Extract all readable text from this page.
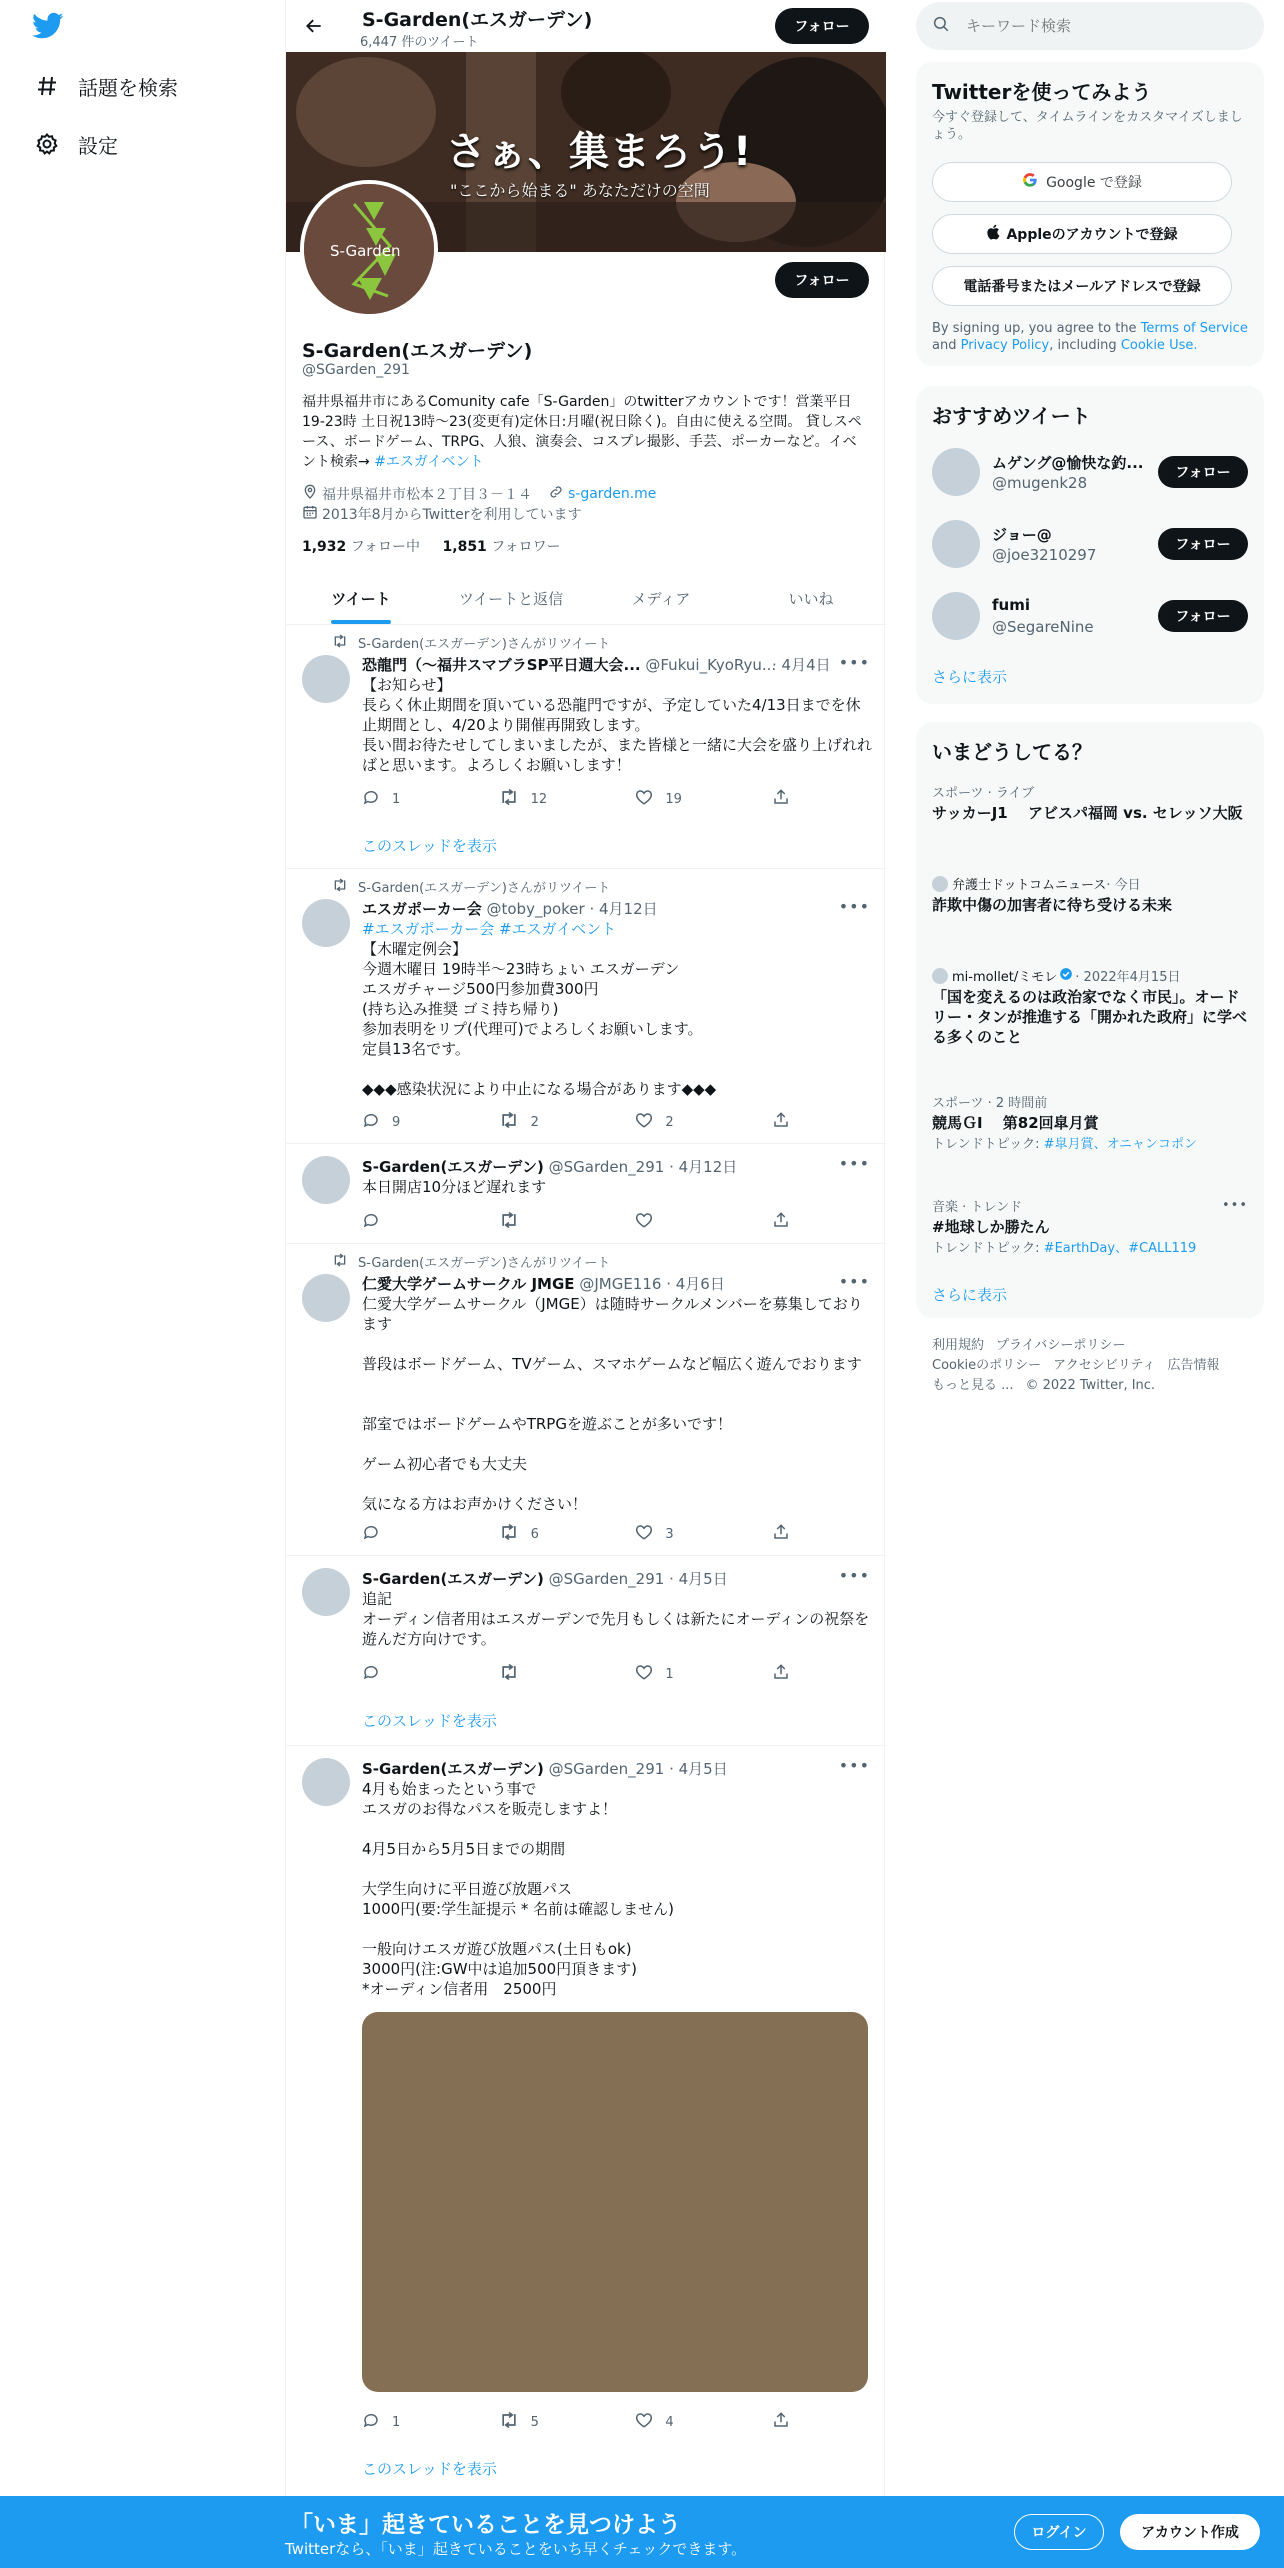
話題を検索
設定
S-Garden(エスガーデン)
6,447 件のツイート
フォロー
さぁ、集まろう!
"ここから始まる" あなただけの空間
S-Garden
フォロー
S-Garden(エスガーデン)
@SGarden_291
福井県福井市にあるComunity cafe「S-Garden」のtwitterアカウントです！営業平日19-23時 土日祝13時〜23(変更有)定休日:月曜(祝日除く)。自由に使える空間。 貸しスペース、ボードゲーム、TRPG、人狼、演奏会、コスプレ撮影、手芸、ポーカーなど。イベント検索→ #エスガイベント
福井県福井市松本２丁目３－１４	s-garden.me
2013年8月からTwitterを利用しています
1,932 フォロー中 1,851 フォロワー
ツイート	ツイートと返信	メディア	いいね
S-Garden(エスガーデン)さんがリツイート
恐龍門（～福井スマブラSP平日週大会... @Fukui_KyoRyu...
· 4月4日 •••
【お知らせ】
長らく休止期間を頂いている恐龍門ですが、予定していた4/13日までを休止期間とし、4/20より開催再開致します。
長い間お待たせしてしまいましたが、また皆様と一緒に大会を盛り上げれればと思います。よろしくお願いします！
1	12	19
このスレッドを表示
S-Garden(エスガーデン)さんがリツイート
エスガポーカー会 @toby_poker · 4月12日	•••
#エスガポーカー会 #エスガイベント
【木曜定例会】
今週木曜日 19時半〜23時ちょい エスガーデン
エスガチャージ500円参加費300円
(持ち込み推奨 ゴミ持ち帰り)
参加表明をリプ(代理可)でよろしくお願いします。
定員13名です。

◆◆◆感染状況により中止になる場合があります◆◆◆
9	2	2
S-Garden(エスガーデン) @SGarden_291 · 4月12日	•••
本日開店10分ほど遅れます
S-Garden(エスガーデン)さんがリツイート
仁愛大学ゲームサークル JMGE @JMGE116 · 4月6日	•••
仁愛大学ゲームサークル（JMGE）は随時サークルメンバーを募集しております

普段はボードゲーム、TVゲーム、スマホゲームなど幅広く遊んでおります

部室ではボードゲームやTRPGを遊ぶことが多いです！

ゲーム初心者でも大丈夫

気になる方はお声かけください！
6	3
S-Garden(エスガーデン) @SGarden_291 · 4月5日	•••
追記
オーディン信者用はエスガーデンで先月もしくは新たにオーディンの祝祭を遊んだ方向けです。
1
このスレッドを表示
S-Garden(エスガーデン) @SGarden_291 · 4月5日	•••
4月も始まったという事で
エスガのお得なパスを販売しますよ！

4月5日から5月5日までの期間

大学生向けに平日遊び放題パス
1000円(要:学生証提示 * 名前は確認しません)

一般向けエスガ遊び放題パス(土日もok)
3000円(注:GW中は追加500円頂きます)
*オーディン信者用　2500円
1	5	4
このスレッドを表示
キーワード検索
Twitterを使ってみよう
今すぐ登録して、タイムラインをカスタマイズしましょう。
Google で登録
Appleのアカウントで登録
電話番号またはメールアドレスで登録
By signing up, you agree to the Terms of Service and Privacy Policy, including Cookie Use.
おすすめツイート
ムゲング@愉快な釣...
@mugenk28
フォロー
ジョー@
@joe3210297
フォロー
fumi
@SegareNine
フォロー
さらに表示
いまどうしてる？
スポーツ · ライブ
サッカーJ1　 アビスパ福岡 vs. セレッソ大阪
弁護士ドットコムニュース · 今日
詐欺中傷の加害者に待ち受ける未来
mi-mollet/ミモレ · 2022年4月15日
「国を変えるのは政治家でなく市民」。オードリー・タンが推進する「開かれた政府」に学べる多くのこと
スポーツ · 2 時間前
競馬ＧⅠ　 第82回皐月賞
トレンドトピック: #皐月賞、オニャンコポン
音楽 · トレンド
#地球しか勝たん
トレンドトピック: #EarthDay、#CALL119
•••
さらに表示
利用規約 プライバシーポリシー
Cookieのポリシー アクセシビリティ 広告情報
もっと見る ... © 2022 Twitter, Inc.
「いま」起きていることを見つけよう
Twitterなら、「いま」起きていることをいち早くチェックできます。
ログイン	アカウント作成
